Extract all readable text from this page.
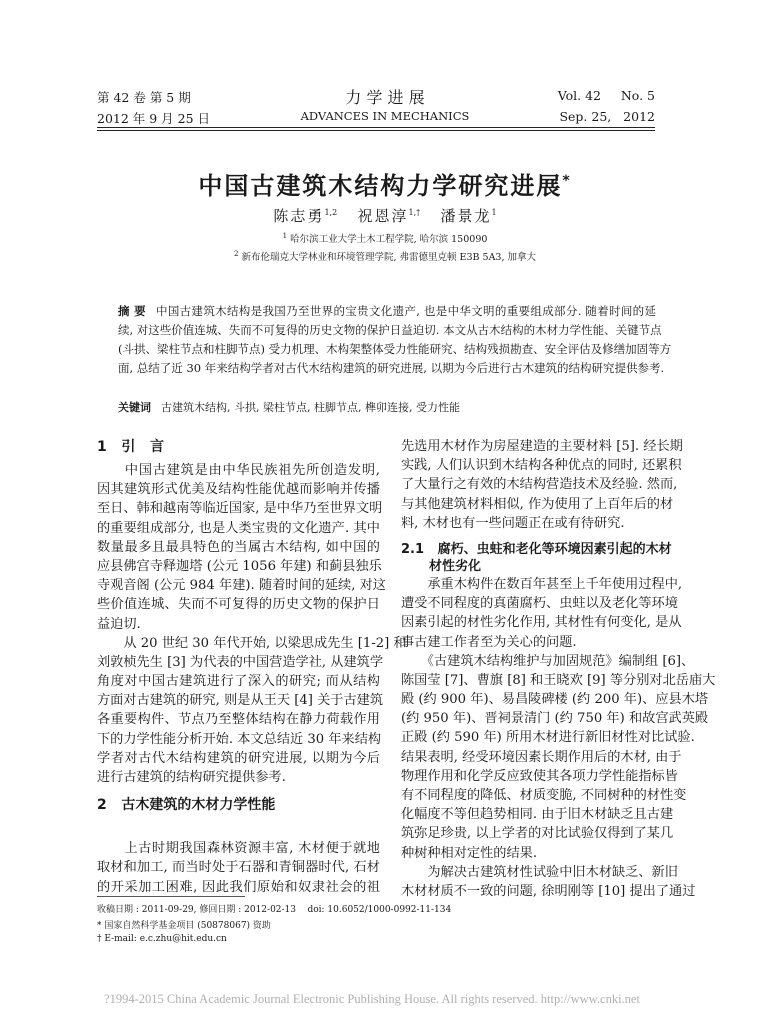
第 42 卷 第 5 期
2012 年 9 月 25 日
力 学 进 展
ADVANCES IN MECHANICS
Vol. 42     No. 5
Sep. 25,   2012
中国古建筑木结构力学研究进展*
陈志勇$^{1,2}$ 祝恩淳$^{1,\dagger}$ 潘景龙$^1$
$^1$ 哈尔滨工业大学土木工程学院, 哈尔滨 150090
$^2$ 新布伦瑞克大学林业和环境管理学院, 弗雷德里克顿 E3B 5A3, 加拿大
摘 要 中国古建筑木结构是我国乃至世界的宝贵文化遗产, 也是中华文明的重要组成部分. 随着时间的延
续, 对这些价值连城、失而不可复得的历史文物的保护日益迫切. 本文从古木结构的木材力学性能、关键节点
(斗拱、梁柱节点和柱脚节点) 受力机理、木构架整体受力性能研究、结构残损勘查、安全评估及修缮加固等方
面, 总结了近 30 年来结构学者对古代木结构建筑的研究进展, 以期为今后进行古木建筑的结构研究提供参考.
关键词 古建筑木结构, 斗拱, 梁柱节点, 柱脚节点, 榫卯连接, 受力性能
1   引   言
　　中国古建筑是由中华民族祖先所创造发明,
因其建筑形式优美及结构性能优越而影响并传播
至日、韩和越南等临近国家, 是中华乃至世界文明
的重要组成部分, 也是人类宝贵的文化遗产. 其中
数量最多且最具特色的当属古木结构, 如中国的
应县佛宫寺释迦塔 (公元 1056 年建) 和蓟县独乐
寺观音阁 (公元 984 年建). 随着时间的延续, 对这
些价值连城、失而不可复得的历史文物的保护日
益迫切.
　　从 20 世纪 30 年代开始, 以梁思成先生 [1-2] 和
刘敦桢先生 [3] 为代表的中国营造学社, 从建筑学
角度对中国古建筑进行了深入的研究; 而从结构
方面对古建筑的研究, 则是从王天 [4] 关于古建筑
各重要构件、节点乃至整体结构在静力荷载作用
下的力学性能分析开始. 本文总结近 30 年来结构
学者对古代木结构建筑的研究进展, 以期为今后
进行古建筑的结构研究提供参考.
2   古木建筑的木材力学性能
　　上古时期我国森林资源丰富, 木材便于就地
取材和加工, 而当时处于石器和青铜器时代, 石材
的开采加工困难, 因此我们原始和奴隶社会的祖
先选用木材作为房屋建造的主要材料 [5]. 经长期
实践, 人们认识到木结构各种优点的同时, 还累积
了大量行之有效的木结构营造技术及经验. 然而,
与其他建筑材料相似, 作为使用了上百年后的材
料, 木材也有一些问题正在或有待研究.
2.1   腐朽、虫蛀和老化等环境因素引起的木材
材性劣化
　　承重木构件在数百年甚至上千年使用过程中,
遭受不同程度的真菌腐朽、虫蛀以及老化等环境
因素引起的材性劣化作用, 其材性有何变化, 是从
事古建工作者至为关心的问题.
　　《古建筑木结构维护与加固规范》编制组 [6]、
陈国莹 [7]、曹旗 [8] 和王晓欢 [9] 等分别对北岳庙大
殿 (约 900 年)、易昌陵碑楼 (约 200 年)、应县木塔
(约 950 年)、晋祠景清门 (约 750 年) 和故宫武英殿
正殿 (约 590 年) 所用木材进行新旧材性对比试验.
结果表明, 经受环境因素长期作用后的木材, 由于
物理作用和化学反应致使其各项力学性能指标皆
有不同程度的降低、材质变脆, 不同树种的材性变
化幅度不等但趋势相同. 由于旧木材缺乏且古建
筑弥足珍贵, 以上学者的对比试验仅得到了某几
种树种相对定性的结果.
　　为解决古建筑材性试验中旧木材缺乏、新旧
木材材质不一致的问题, 徐明刚等 [10] 提出了通过
收稿日期 : 2011-09-29, 修回日期 : 2012-02-13    doi: 10.6052/1000-0992-11-134
* 国家自然科学基金项目 (50878067) 资助
† E-mail: e.c.zhu@hit.edu.cn
?1994-2015 China Academic Journal Electronic Publishing House. All rights reserved. http://www.cnki.net
